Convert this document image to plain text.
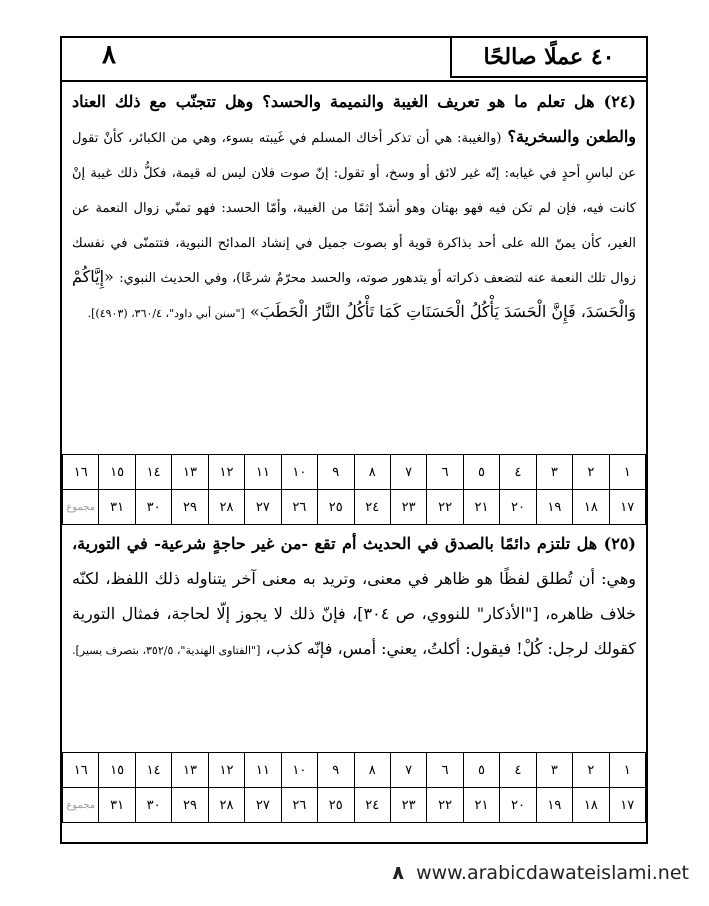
٨	٤٠ عملًا صالحًا

(٢٤) هل تعلم ما هو تعريف الغيبة والنميمة والحسد؟ وهل تتجنّب مع ذلك العناد والطعن والسخرية؟ (والغيبة: هي أن تذكر أخاك المسلم في غَيبته بسوء، وهي من الكبائر، كأنْ تقول عن لباسِ أحدٍ في غيابه: إنّه غير لائق أو وسخ، أو تقول: إنّ صوت فلان ليس له قيمة، فكلُّ ذلك غيبة إنْ كانت فيه، فإن لم تكن فيه فهو بهتان وهو أشدّ إثمًا من الغيبة، وأمّا الحسد: فهو تمنّي زوال النعمة عن الغير، كأن يمنّ الله على أحد بذاكرة قوية أو بصوت جميل في إنشاد المدائح النبوية، فتتمنّى في نفسك زوال تلك النعمة عنه لتضعف ذكراته أو يتدهور صوته، والحسد محرّمٌ شرعًا)، وفي الحديث النبوي: «إِيَّاكُمْ وَالْحَسَدَ، فَإِنَّ الْحَسَدَ يَأْكُلُ الْحَسَنَاتِ كَمَا تَأْكُلُ النَّارُ الْحَطَبَ» ["سنن أبي داود"، ٣٦٠/٤، (٤٩٠٣)].

١٦	١٥	١٤	١٣	١٢	١١	١٠	٩	٨	٧	٦	٥	٤	٣	٢	١
مجموع	٣١	٣٠	٢٩	٢٨	٢٧	٢٦	٢٥	٢٤	٢٣	٢٢	٢١	٢٠	١٩	١٨	١٧

(٢٥) هل تلتزم دائمًا بالصدق في الحديث أم تقع -من غير حاجةٍ شرعية- في التورية، وهي: أن تُطلق لفظًا هو ظاهر في معنى، وتريد به معنى آخر يتناوله ذلك اللفظ، لكنّه خلاف ظاهره، ["الأذكار" للنووي، ص ٣٠٤]، فإنّ ذلك لا يجوز إلّا لحاجة، فمثال التورية كقولك لرجل: كُلْ! فيقول: أكلتُ، يعني: أمس، فإنّه كذب، ["الفتاوى الهندية"، ٣٥٢/٥، بتصرف يسير].

١٦	١٥	١٤	١٣	١٢	١١	١٠	٩	٨	٧	٦	٥	٤	٣	٢	١
مجموع	٣١	٣٠	٢٩	٢٨	٢٧	٢٦	٢٥	٢٤	٢٣	٢٢	٢١	٢٠	١٩	١٨	١٧
٨ www.arabicdawateislami.net
